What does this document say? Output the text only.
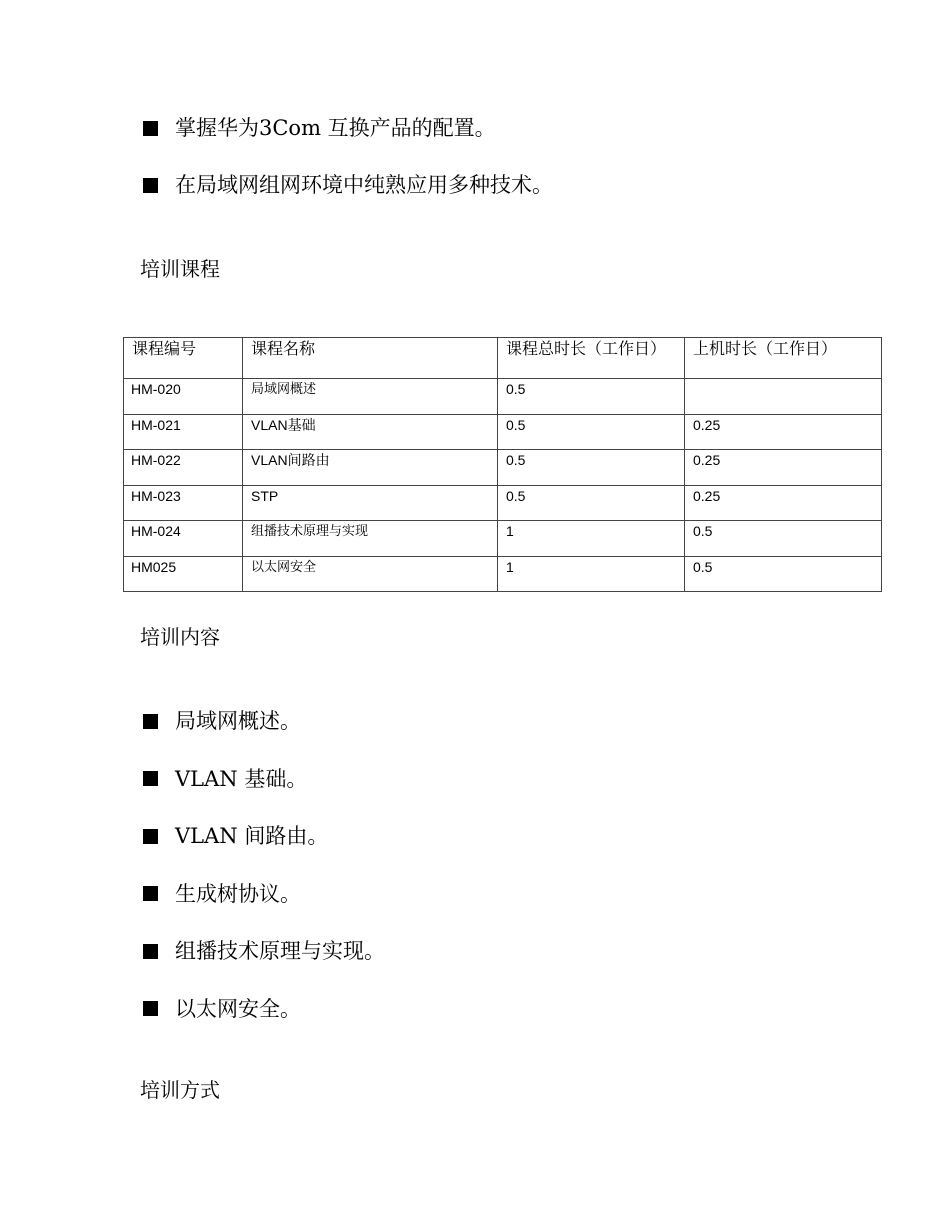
掌握华为3Com 互换产品的配置。
在局域网组网环境中纯熟应用多种技术。
培训课程
课程编号	课程名称	课程总时长（工作日）	上机时长（工作日）
HM-020	局域网概述	0.5	
HM-021	VLAN基础	0.5	0.25
HM-022	VLAN间路由	0.5	0.25
HM-023	STP	0.5	0.25
HM-024	组播技术原理与实现	1	0.5
HM025	以太网安全	1	0.5
培训内容
局域网概述。
VLAN 基础。
VLAN 间路由。
生成树协议。
组播技术原理与实现。
以太网安全。
培训方式
